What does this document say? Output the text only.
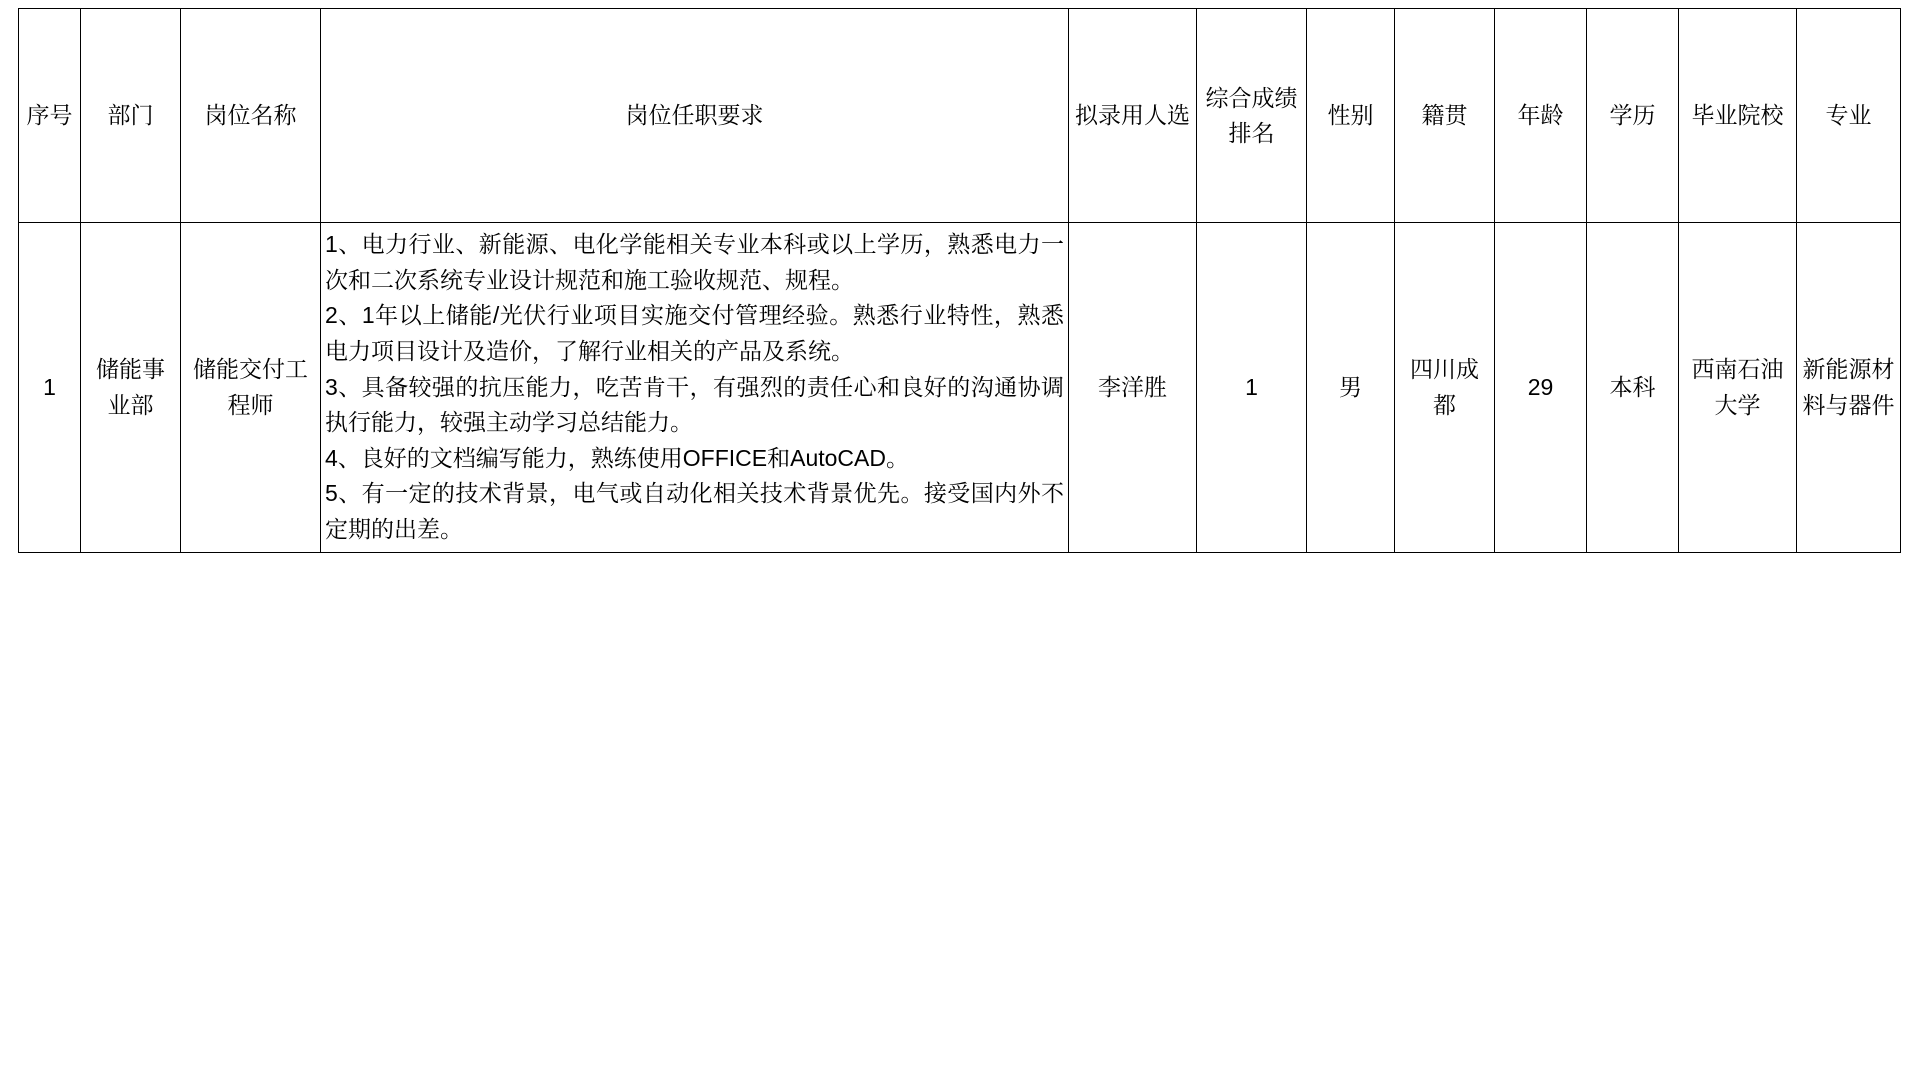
序号	部门	岗位名称	岗位任职要求	拟录用人选	综合成绩排名	性别	籍贯	年龄	学历	毕业院校	专业

1	储能事业部	储能交付工程师	1、电力行业、新能源、电化学能相关专业本科或以上学历，熟悉电力一次和二次系统专业设计规范和施工验收规范、规程。

2、1年以上储能/光伏行业项目实施交付管理经验。熟悉行业特性，熟悉电力项目设计及造价，了解行业相关的产品及系统。

3、具备较强的抗压能力，吃苦肯干，有强烈的责任心和良好的沟通协调执行能力，较强主动学习总结能力。

4、良好的文档编写能力，熟练使用OFFICE和AutoCAD。

5、有一定的技术背景，电气或自动化相关技术背景优先。接受国内外不定期的出差。	李洋胜	1	男	四川成都	29	本科	西南石油大学	新能源材料与器件
